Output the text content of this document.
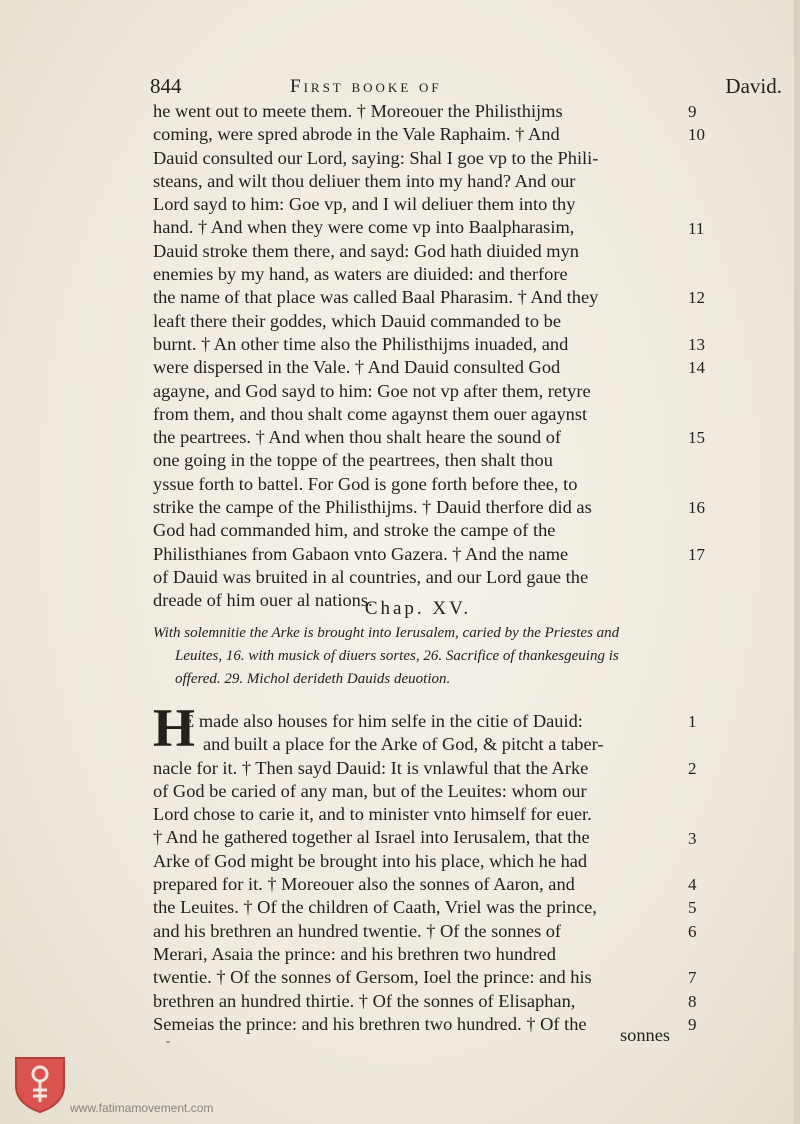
844	First booke of	David.
he went out to meete them. † Moreouer the Philisthijms
coming, were spred abrode in the Vale Raphaim. † And
Dauid consulted our Lord, saying: Shal I goe vp to the Phili-
steans, and wilt thou deliuer them into my hand? And our
Lord sayd to him: Goe vp, and I wil deliuer them into thy
hand. † And when they were come vp into Baalpharasim,
Dauid stroke them there, and sayd: God hath diuided myn
enemies by my hand, as waters are diuided: and therfore
the name of that place was called Baal Pharasim. † And they
leaft there their goddes, which Dauid commanded to be
burnt. † An other time also the Philisthijms inuaded, and
were dispersed in the Vale. † And Dauid consulted God
agayne, and God sayd to him: Goe not vp after them, retyre
from them, and thou shalt come agaynst them ouer agaynst
the peartrees. † And when thou shalt heare the sound of
one going in the toppe of the peartrees, then shalt thou
yssue forth to battel. For God is gone forth before thee, to
strike the campe of the Philisthijms. † Dauid therfore did as
God had commanded him, and stroke the campe of the
Philisthianes from Gabaon vnto Gazera. † And the name
of Dauid was bruited in al countries, and our Lord gaue the
dreade of him ouer al nations.
9
10
11
12
13
14
15
16
17
Chap. XV.
With solemnitie the Arke is brought into Ierusalem, caried by the Priestes and
Leuites, 16. with musick of diuers sortes, 26. Sacrifice of thankesgeuing is
offered. 29. Michol derideth Dauids deuotion.
H
E made also houses for him selfe in the citie of Dauid:
and built a place for the Arke of God, & pitcht a taber-
nacle for it. † Then sayd Dauid: It is vnlawful that the Arke
of God be caried of any man, but of the Leuites: whom our
Lord chose to carie it, and to minister vnto himself for euer.
† And he gathered together al Israel into Ierusalem, that the
Arke of God might be brought into his place, which he had
prepared for it. † Moreouer also the sonnes of Aaron, and
the Leuites. † Of the children of Caath, Vriel was the prince,
and his brethren an hundred twentie. † Of the sonnes of
Merari, Asaia the prince: and his brethren two hundred
twentie. † Of the sonnes of Gersom, Ioel the prince: and his
brethren an hundred thirtie. † Of the sonnes of Elisaphan,
Semeias the prince: and his brethren two hundred. † Of the
1
2
3
4
5
6
7
8
9
-	sonnes
www.fatimamovement.com
